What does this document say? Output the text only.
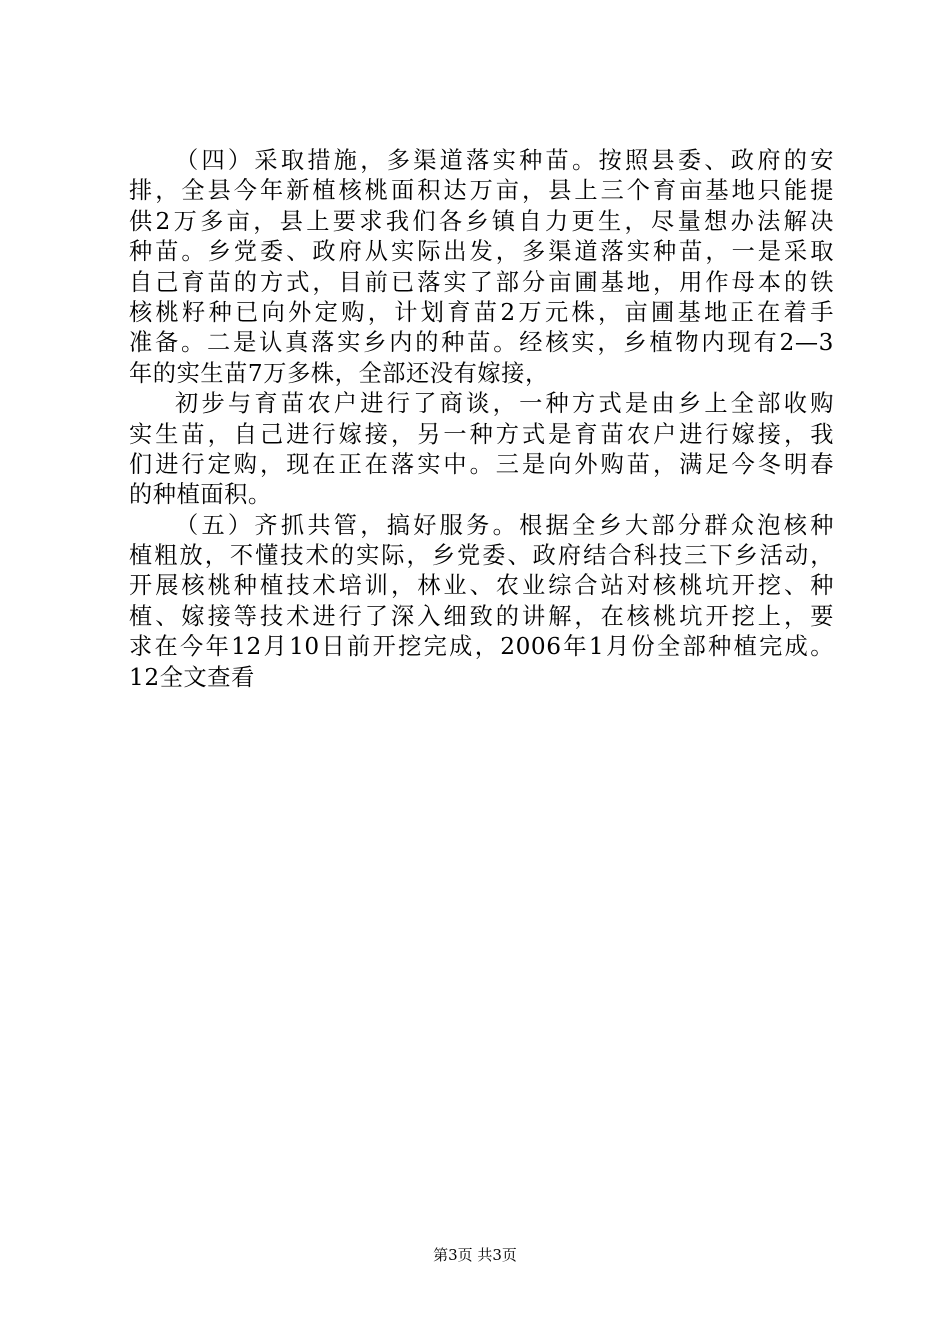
（四）采取措施，多渠道落实种苗。按照县委、政府的安
排，全县今年新植核桃面积达万亩，县上三个育亩基地只能提
供2万多亩，县上要求我们各乡镇自力更生，尽量想办法解决
种苗。乡党委、政府从实际出发，多渠道落实种苗，一是采取
自己育苗的方式，目前已落实了部分亩圃基地，用作母本的铁
核桃籽种已向外定购，计划育苗2万元株，亩圃基地正在着手
准备。二是认真落实乡内的种苗。经核实，乡植物内现有2—3
年的实生苗7万多株，全部还没有嫁接，
初步与育苗农户进行了商谈，一种方式是由乡上全部收购
实生苗，自己进行嫁接，另一种方式是育苗农户进行嫁接，我
们进行定购，现在正在落实中。三是向外购苗，满足今冬明春
的种植面积。
（五）齐抓共管，搞好服务。根据全乡大部分群众泡核种
植粗放，不懂技术的实际，乡党委、政府结合科技三下乡活动，
开展核桃种植技术培训，林业、农业综合站对核桃坑开挖、种
植、嫁接等技术进行了深入细致的讲解，在核桃坑开挖上，要
求在今年12月10日前开挖完成，2006年1月份全部种植完成。
12全文查看
第3页 共3页
